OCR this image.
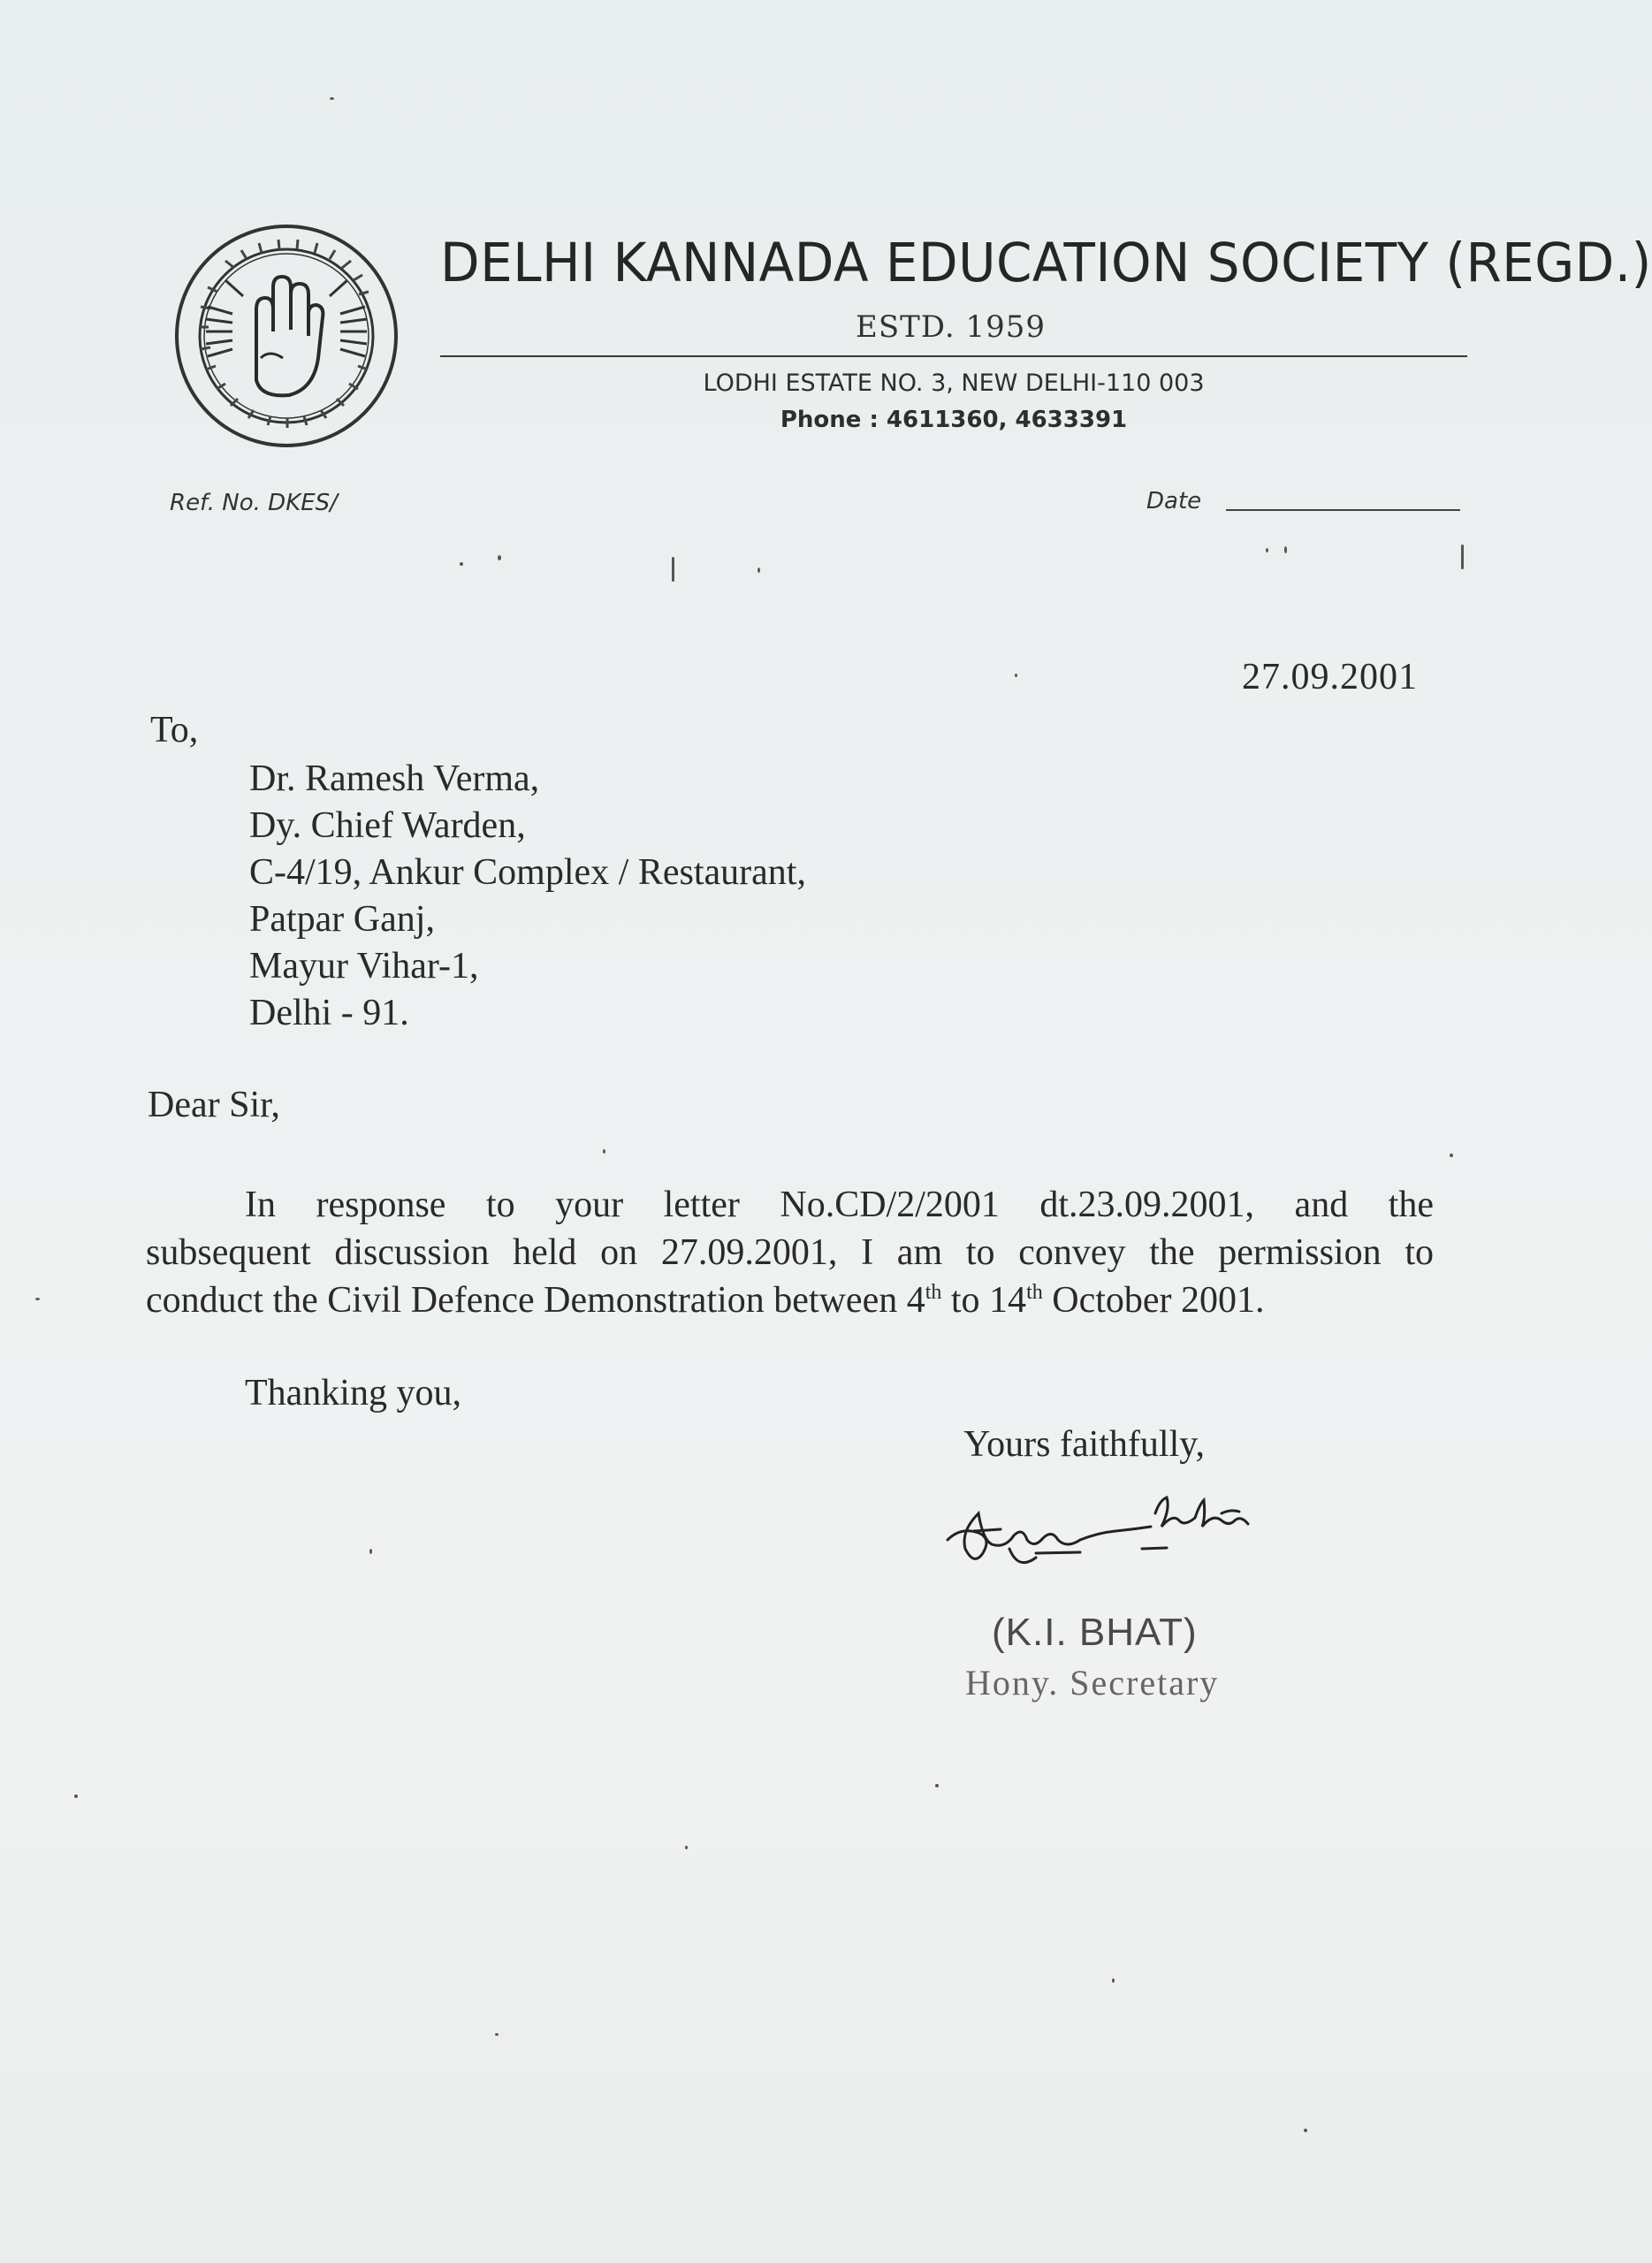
DELHI KANNADA EDUCATION SOCIETY (REGD.)
ESTD. 1959
LODHI ESTATE NO. 3, NEW DELHI-110 003
Phone : 4611360, 4633391
Ref. No. DKES/	Date
27.09.2001
To,
Dr. Ramesh Verma,
Dy. Chief Warden,
C-4/19, Ankur Complex / Restaurant,
Patpar Ganj,
Mayur Vihar-1,
Delhi - 91.
Dear Sir,
In response to your letter No.CD/2/2001 dt.23.09.2001, and the
subsequent discussion held on 27.09.2001, I am to convey the permission to
conduct the Civil Defence Demonstration between 4th to 14th October 2001.
Thanking you,
Yours faithfully,
(K.I. BHAT)
Hony. Secretary
